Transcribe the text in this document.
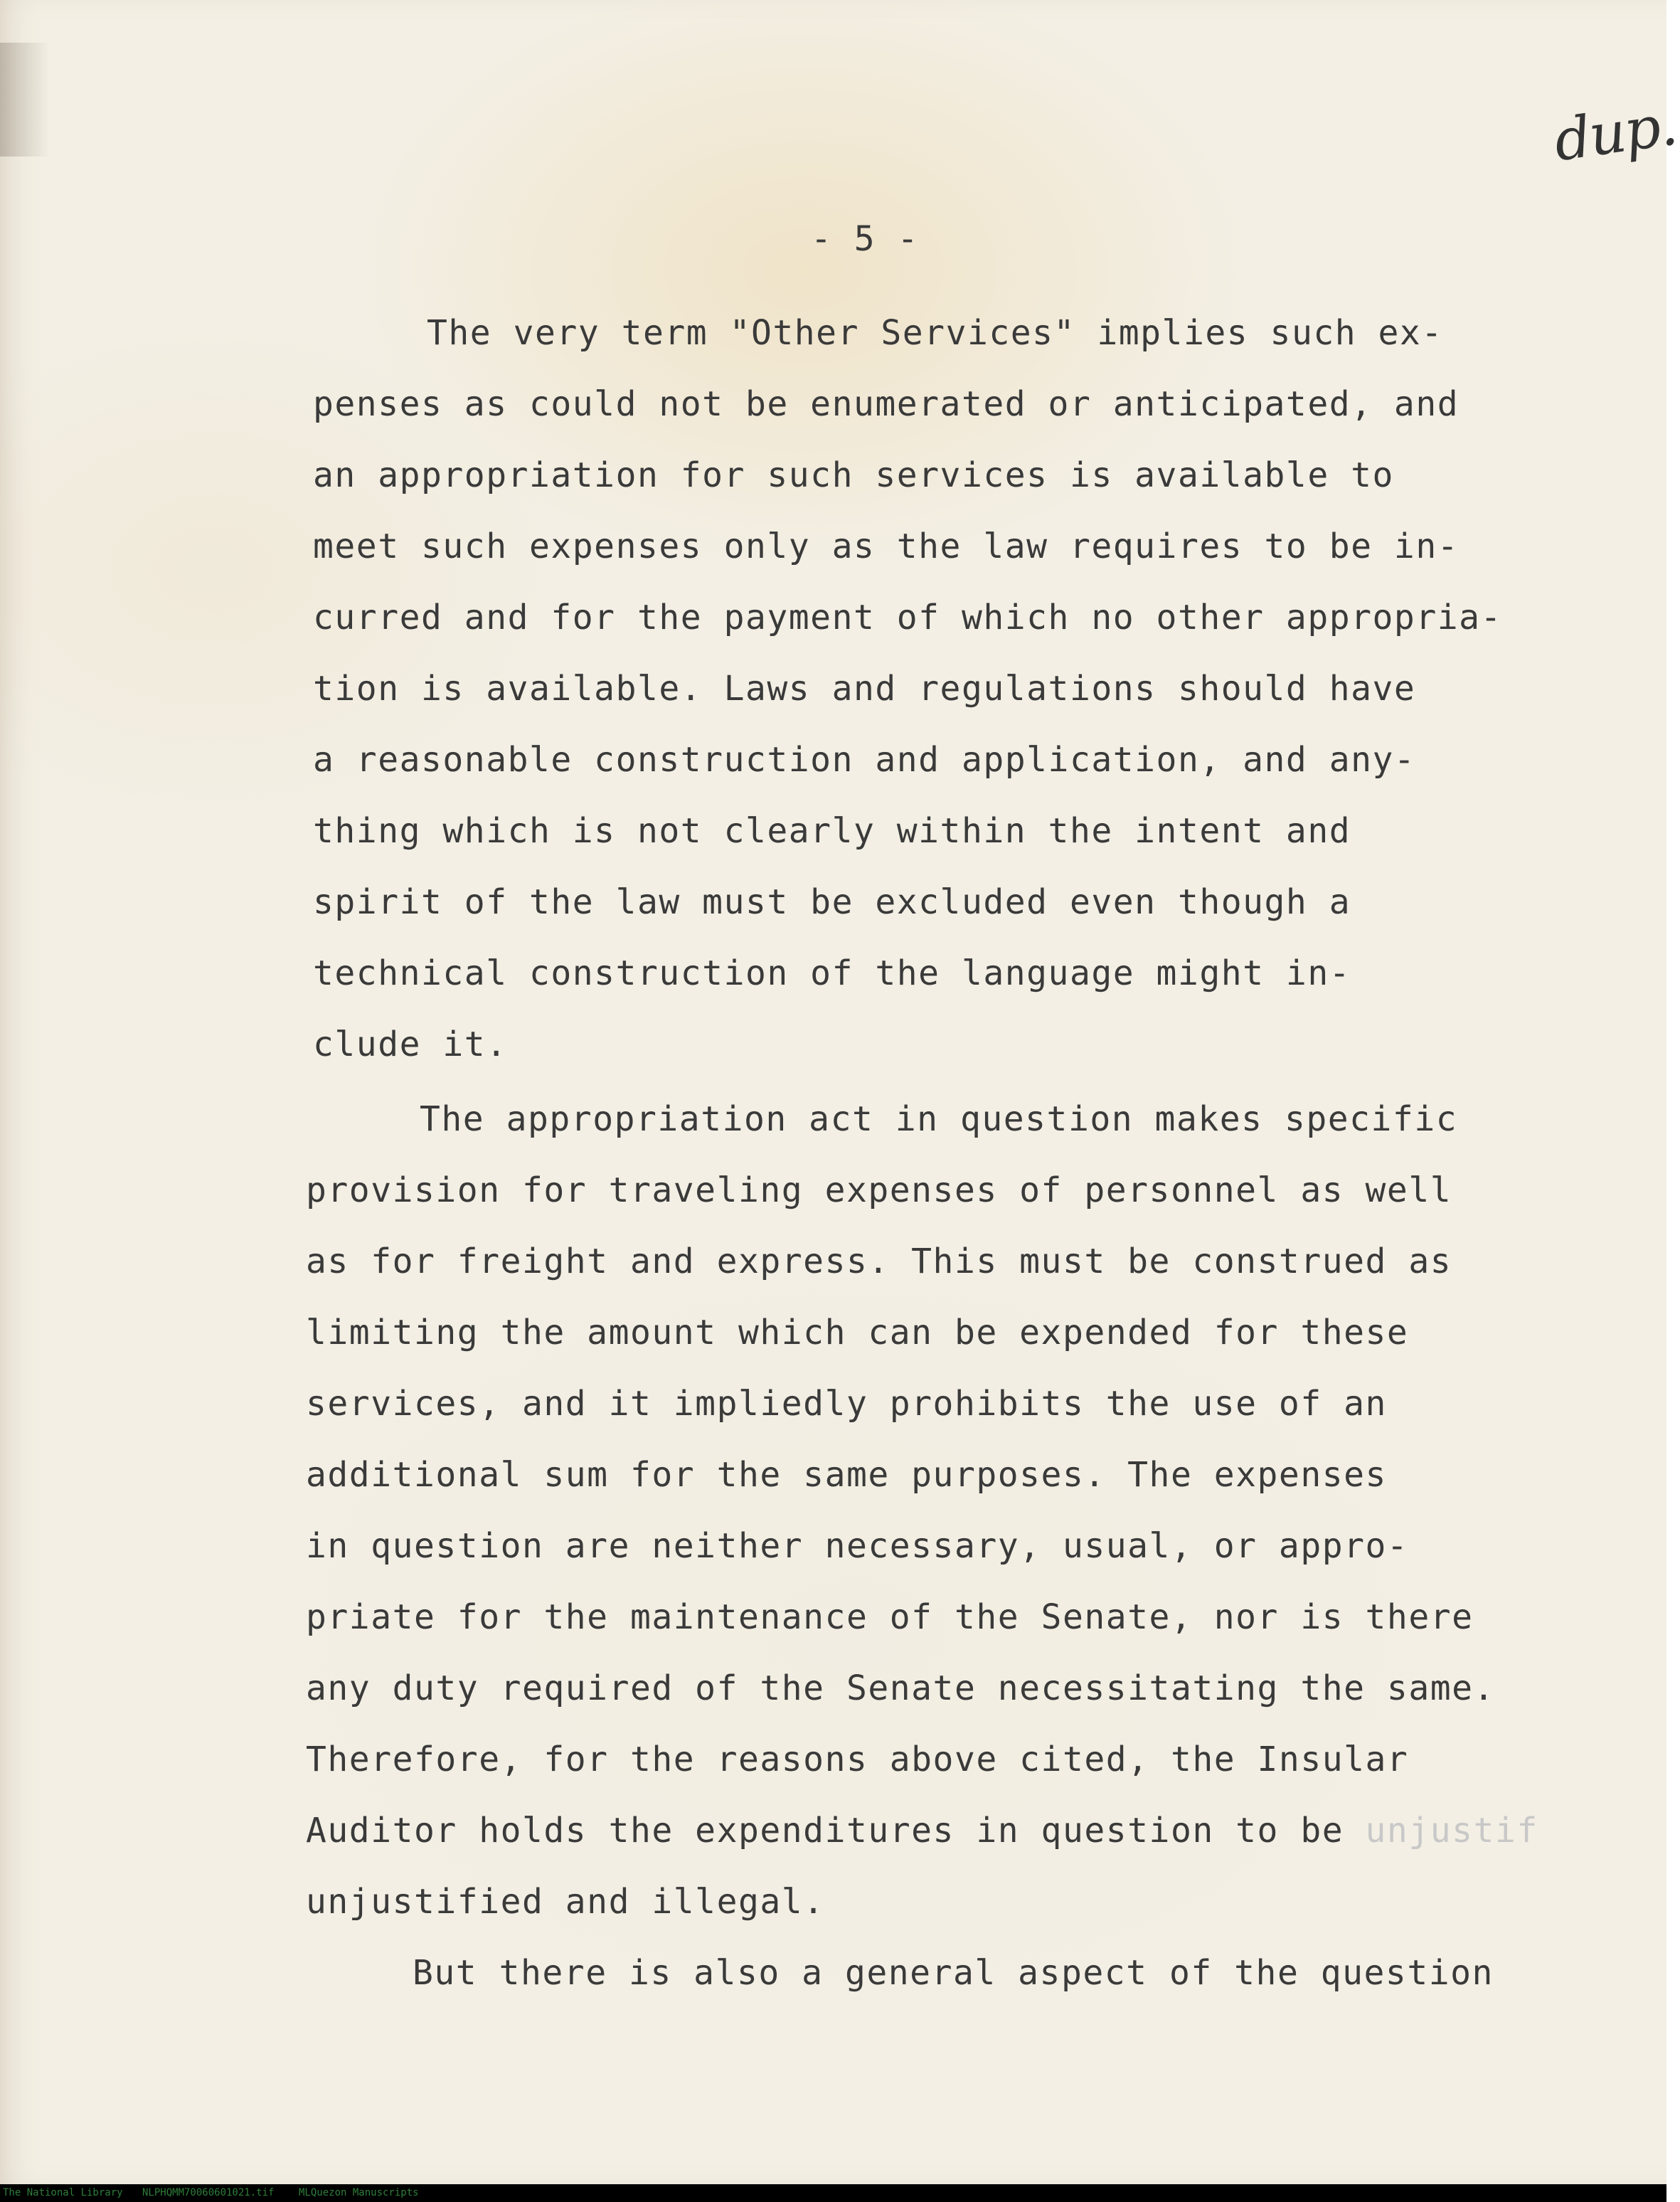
dup.
- 5 -
The very term "Other Services" implies such ex-
penses as could not be enumerated or anticipated, and
an appropriation for such services is available to
meet such expenses only as the law requires to be in-
curred and for the payment of which no other appropria-
tion is available. Laws and regulations should have
a reasonable construction and application, and any-
thing which is not clearly within the intent and
spirit of the law must be excluded even though a
technical construction of the language might in-
clude it.
The appropriation act in question makes specific
provision for traveling expenses of personnel as well
as for freight and express. This must be construed as
limiting the amount which can be expended for these
services, and it impliedly prohibits the use of an
additional sum for the same purposes. The expenses
in question are neither necessary, usual, or appro-
priate for the maintenance of the Senate, nor is there
any duty required of the Senate necessitating the same.
Therefore, for the reasons above cited, the Insular
Auditor holds the expenditures in question to be unjustif
unjustified and illegal.
But there is also a general aspect of the question
The National Library NLPHQMM70060601021.tif MLQuezon Manuscripts
